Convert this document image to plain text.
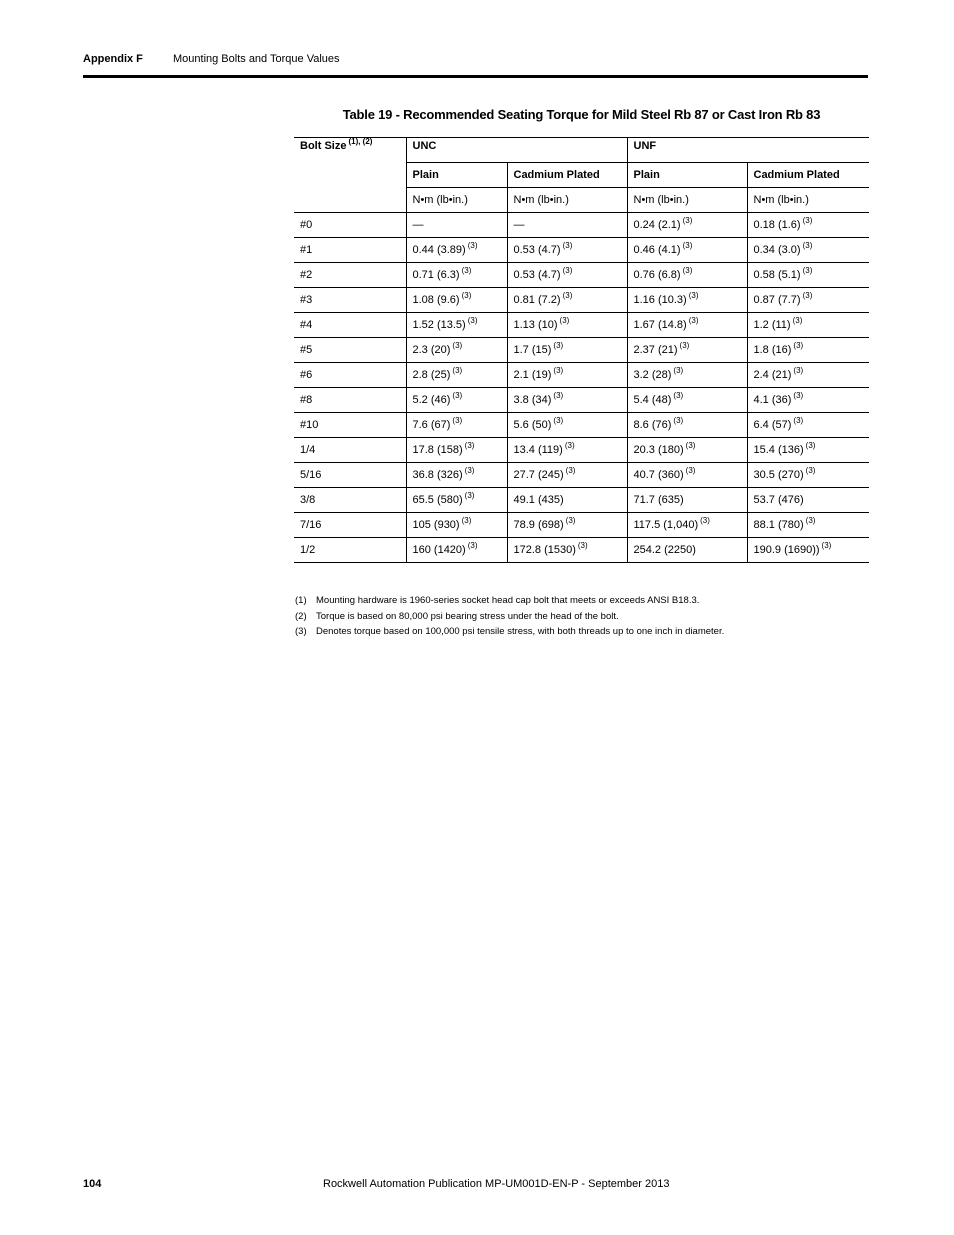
Appendix F	Mounting Bolts and Torque Values
Table 19 - Recommended Seating Torque for Mild Steel Rb 87 or Cast Iron Rb 83
Bolt Size $^{(1), (2)}$	UNC		UNF	
	Plain	Cadmium Plated	Plain	Cadmium Plated
	N•m (lb•in.)	N•m (lb•in.)	N•m (lb•in.)	N•m (lb•in.)
#0	—	—	0.24 (2.1) $^{(3)}$	0.18 (1.6) $^{(3)}$
#1	0.44 (3.89) $^{(3)}$	0.53 (4.7) $^{(3)}$	0.46 (4.1) $^{(3)}$	0.34 (3.0) $^{(3)}$
#2	0.71 (6.3) $^{(3)}$	0.53 (4.7) $^{(3)}$	0.76 (6.8) $^{(3)}$	0.58 (5.1) $^{(3)}$
#3	1.08 (9.6) $^{(3)}$	0.81 (7.2) $^{(3)}$	1.16 (10.3) $^{(3)}$	0.87 (7.7) $^{(3)}$
#4	1.52 (13.5) $^{(3)}$	1.13 (10) $^{(3)}$	1.67 (14.8) $^{(3)}$	1.2 (11) $^{(3)}$
#5	2.3 (20) $^{(3)}$	1.7 (15) $^{(3)}$	2.37 (21) $^{(3)}$	1.8 (16) $^{(3)}$
#6	2.8 (25) $^{(3)}$	2.1 (19) $^{(3)}$	3.2 (28) $^{(3)}$	2.4 (21) $^{(3)}$
#8	5.2 (46) $^{(3)}$	3.8 (34) $^{(3)}$	5.4 (48) $^{(3)}$	4.1 (36) $^{(3)}$
#10	7.6 (67) $^{(3)}$	5.6 (50) $^{(3)}$	8.6 (76) $^{(3)}$	6.4 (57) $^{(3)}$
1/4	17.8 (158) $^{(3)}$	13.4 (119) $^{(3)}$	20.3 (180) $^{(3)}$	15.4 (136) $^{(3)}$
5/16	36.8 (326) $^{(3)}$	27.7 (245) $^{(3)}$	40.7 (360) $^{(3)}$	30.5 (270) $^{(3)}$
3/8	65.5 (580) $^{(3)}$	49.1 (435)	71.7 (635)	53.7 (476)
7/16	105 (930) $^{(3)}$	78.9 (698) $^{(3)}$	117.5 (1,040) $^{(3)}$	88.1 (780) $^{(3)}$
1/2	160 (1420) $^{(3)}$	172.8 (1530) $^{(3)}$	254.2 (2250)	190.9 (1690)) $^{(3)}$
(1) Mounting hardware is 1960-series socket head cap bolt that meets or exceeds ANSI B18.3.
(2) Torque is based on 80,000 psi bearing stress under the head of the bolt.
(3) Denotes torque based on 100,000 psi tensile stress, with both threads up to one inch in diameter.
104	Rockwell Automation Publication MP-UM001D-EN-P - September 2013
